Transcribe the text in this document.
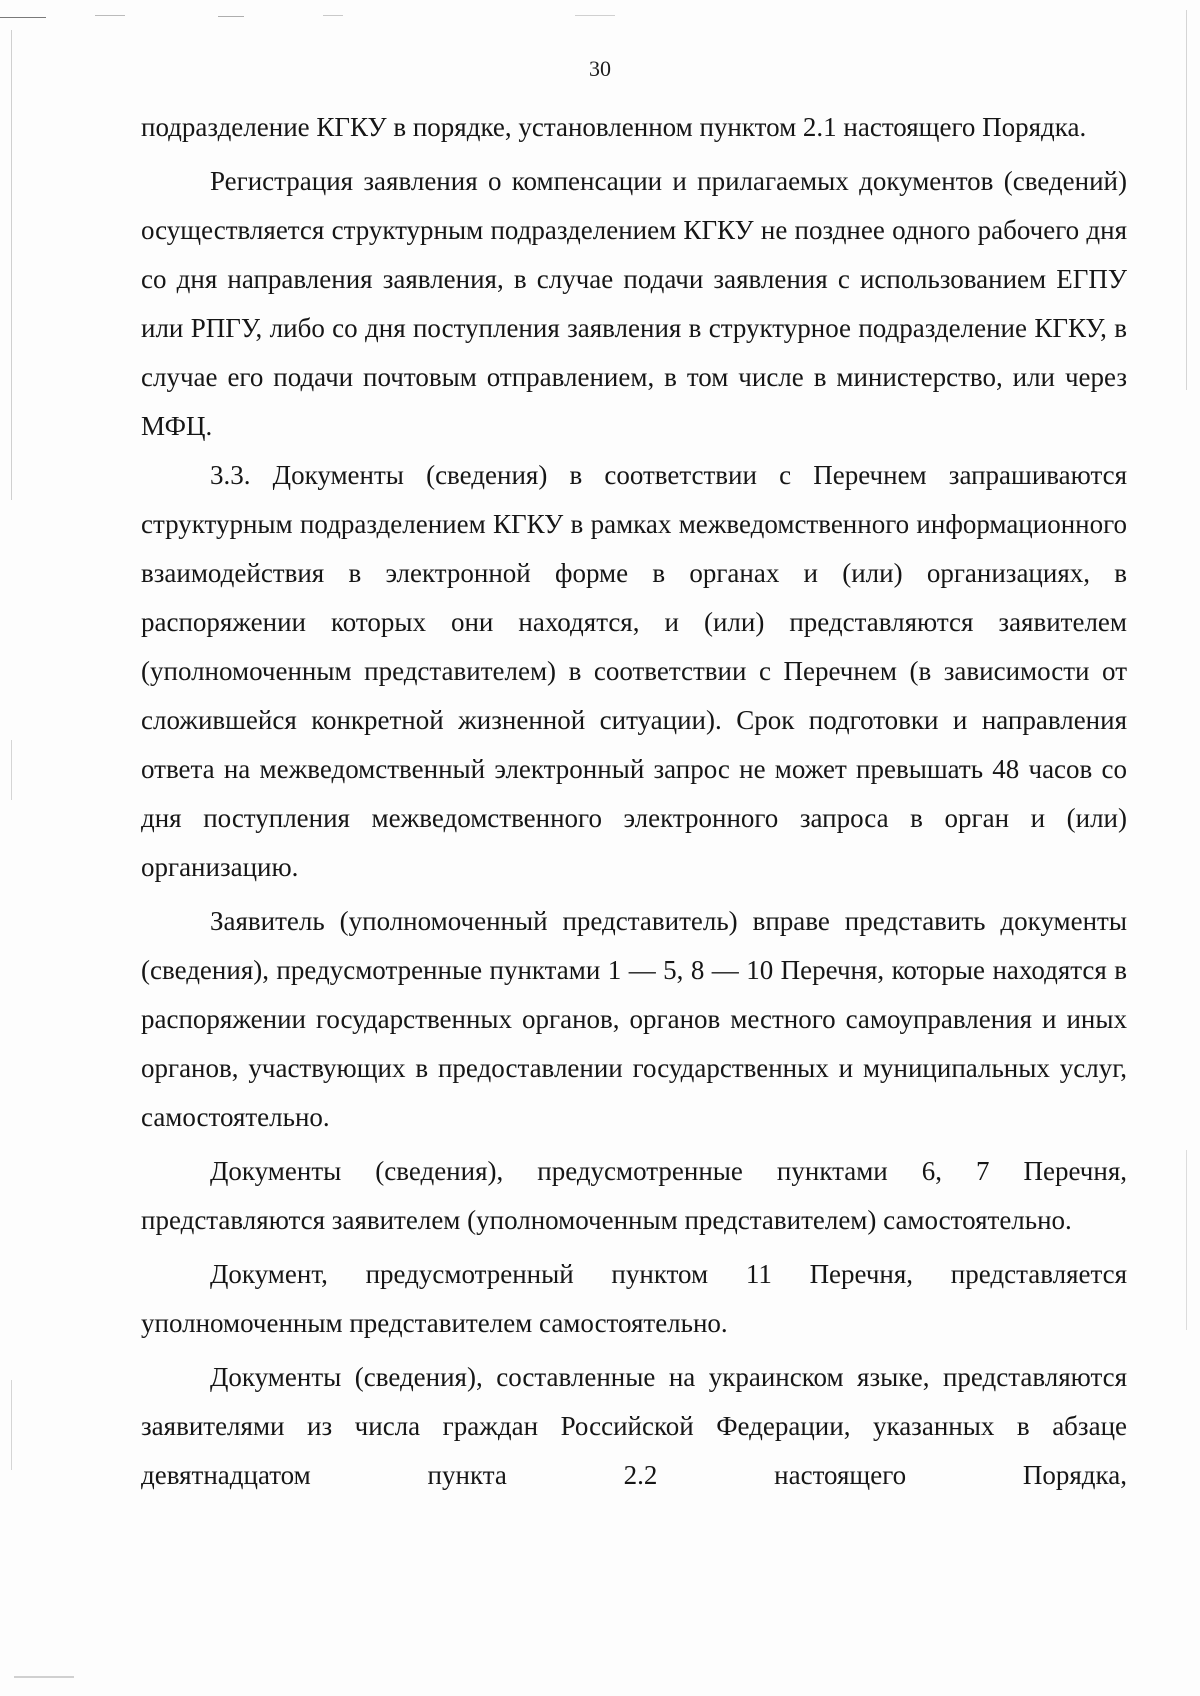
30

подразделение КГКУ в порядке, установленном пунктом 2.1 настоящего Порядка.

Регистрация заявления о компенсации и прилагаемых документов (сведений) осуществляется структурным подразделением КГКУ не позднее одного рабочего дня со дня направления заявления, в случае подачи заявления с использованием ЕГПУ или РПГУ, либо со дня поступления заявления в структурное подразделение КГКУ, в случае его подачи почтовым отправлением, в том числе в министерство, или через МФЦ.

3.3. Документы (сведения) в соответствии с Перечнем запрашиваются структурным подразделением КГКУ в рамках межведомственного информационного взаимодействия в электронной форме в органах и (или) организациях, в распоряжении которых они находятся, и (или) представляются заявителем (уполномоченным представителем) в соответствии с Перечнем (в зависимости от сложившейся конкретной жизненной ситуации). Срок подготовки и направления ответа на межведомственный электронный запрос не может превышать 48 часов со дня поступления межведомственного электронного запроса в орган и (или) организацию.

Заявитель (уполномоченный представитель) вправе представить документы (сведения), предусмотренные пунктами 1 — 5, 8 — 10 Перечня, которые находятся в распоряжении государственных органов, органов местного самоуправления и иных органов, участвующих в предоставлении государственных и муниципальных услуг, самостоятельно.

Документы (сведения), предусмотренные пунктами 6, 7 Перечня, представляются заявителем (уполномоченным представителем) самостоятельно.

Документ, предусмотренный пунктом 11 Перечня, представляется уполномоченным представителем самостоятельно.

Документы (сведения), составленные на украинском языке, представляются заявителями из числа граждан Российской Федерации, указанных в абзаце девятнадцатом пункта 2.2 настоящего Порядка,
